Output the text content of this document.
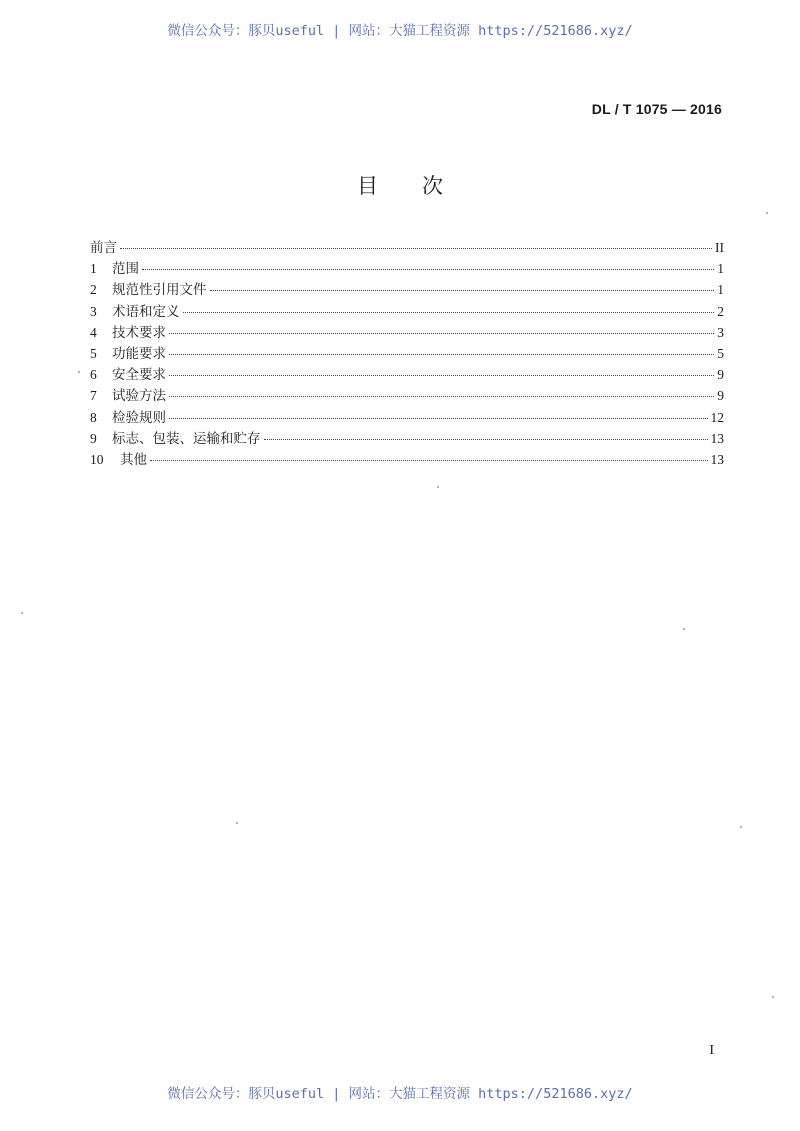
微信公众号：豚贝useful | 网站：大猫工程资源 https://521686.xyz/
DL / T 1075 — 2016
目次
前言	II
1	范围	1
2	规范性引用文件	1
3	术语和定义	2
4	技术要求	3
5	功能要求	5
6	安全要求	9
7	试验方法	9
8	检验规则	12
9	标志、包装、运输和贮存	13
10	其他	13
I
微信公众号：豚贝useful | 网站：大猫工程资源 https://521686.xyz/
